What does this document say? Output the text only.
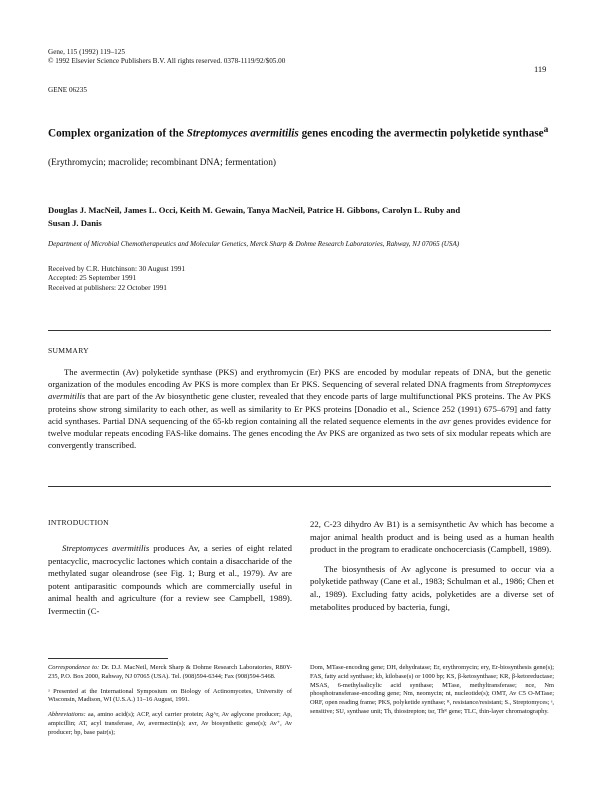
Gene, 115 (1992) 119–125
© 1992 Elsevier Science Publishers B.V. All rights reserved. 0378-1119/92/$05.00
119
GENE 06235
Complex organization of the Streptomyces avermitilis genes encoding the avermectin polyketide synthase$^a$
(Erythromycin; macrolide; recombinant DNA; fermentation)
Douglas J. MacNeil, James L. Occi, Keith M. Gewain, Tanya MacNeil, Patrice H. Gibbons, Carolyn L. Ruby and
Susan J. Danis
Department of Microbial Chemotherapeutics and Molecular Genetics, Merck Sharp & Dohme Research Laboratories, Rahway, NJ 07065 (USA)
Received by C.R. Hutchinson: 30 August 1991
Accepted: 25 September 1991
Received at publishers: 22 October 1991
SUMMARY
The avermectin (Av) polyketide synthase (PKS) and erythromycin (Er) PKS are encoded by modular repeats of DNA, but the genetic organization of the modules encoding Av PKS is more complex than Er PKS. Sequencing of several related DNA fragments from Streptomyces avermitilis that are part of the Av biosynthetic gene cluster, revealed that they encode parts of large multifunctional PKS proteins. The Av PKS proteins show strong similarity to each other, as well as similarity to Er PKS proteins [Donadio et al., Science 252 (1991) 675–679] and fatty acid synthases. Partial DNA sequencing of the 65-kb region containing all the related sequence elements in the avr genes provides evidence for twelve modular repeats encoding FAS-like domains. The genes encoding the Av PKS are organized as two sets of six modular repeats which are convergently transcribed.
INTRODUCTION

Streptomyces avermitilis produces Av, a series of eight related pentacyclic, macrocyclic lactones which contain a disaccharide of the methylated sugar oleandrose (see Fig. 1; Burg et al., 1979). Av are potent antiparasitic compounds which are commercially useful in animal health and agriculture (for a review see Campbell, 1989). Ivermectin (C-

22, C-23 dihydro Av B1) is a semisynthetic Av which has become a major animal health product and is being used as a human health product in the program to eradicate onchocerciasis (Campbell, 1989).

The biosynthesis of Av aglycone is presumed to occur via a polyketide pathway (Cane et al., 1983; Schulman et al., 1986; Chen et al., 1989). Excluding fatty acids, polyketides are a diverse set of metabolites produced by bacteria, fungi,

Correspondence to: Dr. D.J. MacNeil, Merck Sharp & Dohme Research Laboratories, R80Y-235, P.O. Box 2000, Rahway, NJ 07065 (USA). Tel. (908)594-6344; Fax (908)594-5468.

ᵃ Presented at the International Symposium on Biology of Actinomycetes, University of Wisconsin, Madison, WI (U.S.A.) 11–16 August, 1991.

Abbreviations: aa, amino acid(s); ACP, acyl carrier protein; Ag^r, Av aglycone producer; Ap, ampicillin; AT, acyl transferase, Av, avermectin(s); avr, Av biosynthetic gene(s); Av⁺, Av producer; bp, base pair(s);

Dom, MTase-encoding gene; DH, dehydratase; Er, erythromycin; ery, Er-biosynthesis gene(s); FAS, fatty acid synthase; kb, kilobase(s) or 1000 bp; KS, β-ketosynthase; KR, β-ketoreductase; MSAS, 6-methylsalicylic acid synthase; MTase, methyltransferase; nce, Nm phosphotransferase-encoding gene; Nm, neomycin; nt, nucleotide(s); OMT, Av C5 O-MTase; ORF, open reading frame; PKS, polyketide synthase; ᴿ, resistance/resistant; S., Streptomyces; ˢ, sensitive; SU, synthase unit; Th, thiostrepton; tsr, Thᴿ gene; TLC, thin-layer chromatography.
